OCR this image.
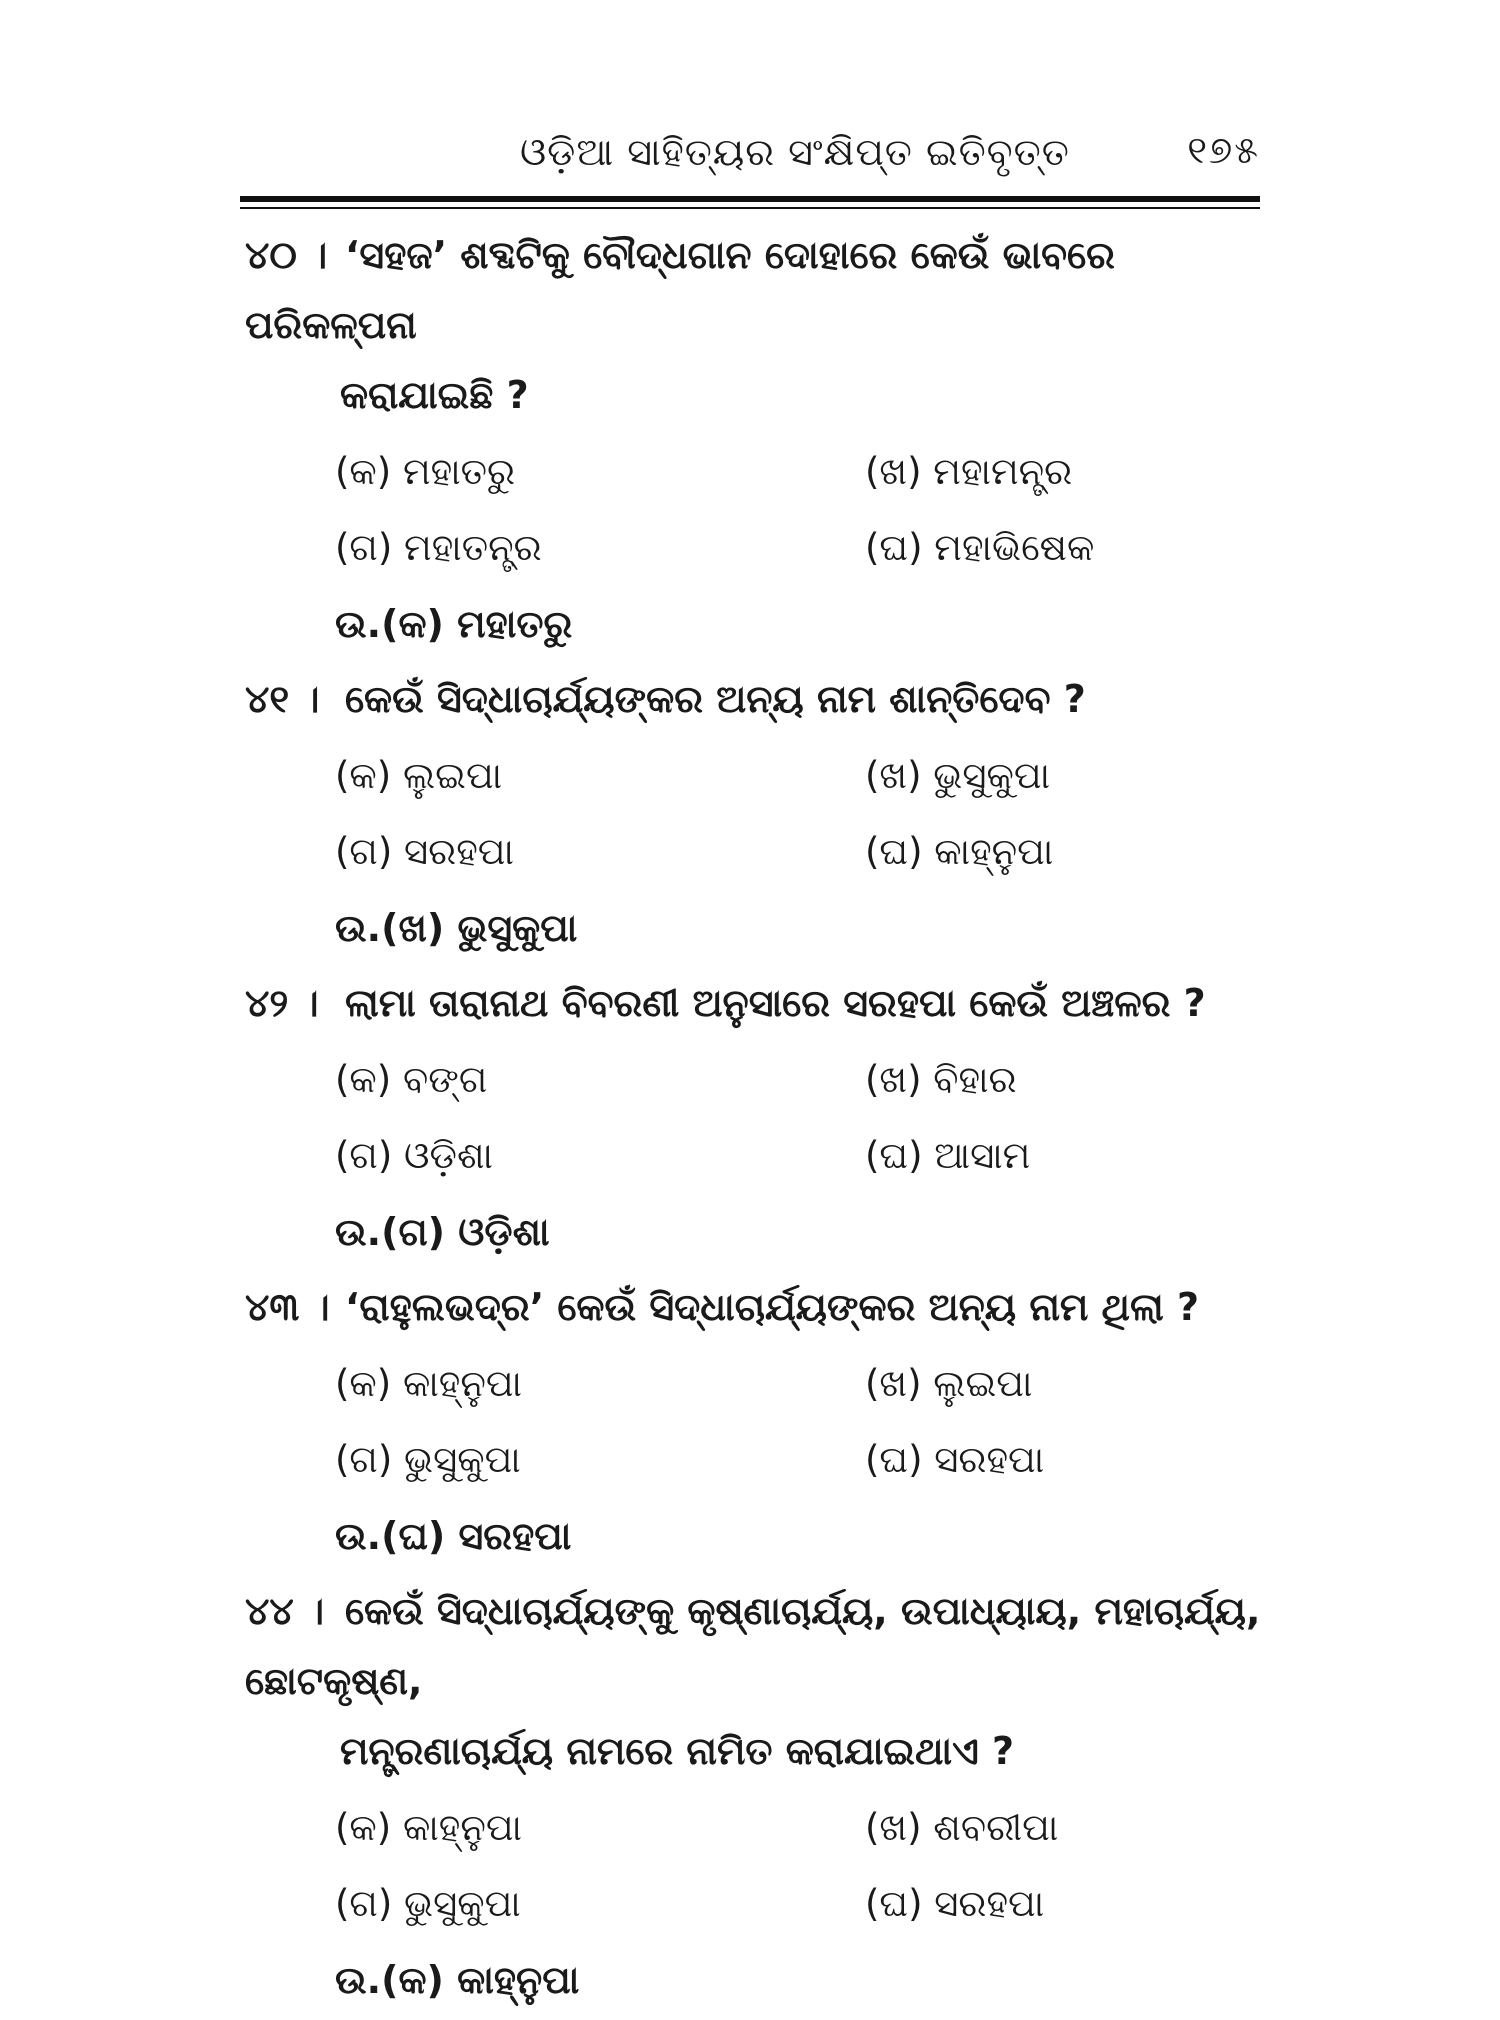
ଓଡ଼ିଆ ସାହିତ୍ୟର ସଂକ୍ଷିପ୍ତ ଇତିବୃତ୍ତ	୧୭୫

୪୦ । ‘ସହଜ’ ଶବ୍ଦଟିକୁ ବୌଦ୍ଧଗାନ ଦୋହାରେ କେଉଁ ଭାବରେ ପରିକଳ୍ପନା

କରାଯାଇଛି ?

(କ) ମହାତରୁ	(ଖ) ମହାମନ୍ତ୍ର
(ଗ) ମହାତନ୍ତ୍ର	(ଘ) ମହାଭିଷେକ
ଉ.(କ) ମହାତରୁ

୪୧ । କେଉଁ ସିଦ୍ଧାଚାର୍ଯ୍ୟଙ୍କର ଅନ୍ୟ ନାମ ଶାନ୍ତିଦେବ ?

(କ) ଲୁଇପା	(ଖ) ଭୁସୁକୁପା
(ଗ) ସରହପା	(ଘ) କାହ୍ନୁପା
ଉ.(ଖ) ଭୁସୁକୁପା

୪୨ । ଲାମା ତାରାନାଥ ବିବରଣୀ ଅନୁସାରେ ସରହପା କେଉଁ ଅଞ୍ଚଳର ?

(କ) ବଙ୍ଗ	(ଖ) ବିହାର
(ଗ) ଓଡ଼ିଶା	(ଘ) ଆସାମ
ଉ.(ଗ) ଓଡ଼ିଶା

୪୩ । ‘ରାହୁଲଭଦ୍ର’ କେଉଁ ସିଦ୍ଧାଚାର୍ଯ୍ୟଙ୍କର ଅନ୍ୟ ନାମ ଥିଲା ?

(କ) କାହ୍ନୁପା	(ଖ) ଲୁଇପା
(ଗ) ଭୁସୁକୁପା	(ଘ) ସରହପା
ଉ.(ଘ) ସରହପା

୪୪ । କେଉଁ ସିଦ୍ଧାଚାର୍ଯ୍ୟଙ୍କୁ କୃଷ୍ଣାଚାର୍ଯ୍ୟ, ଉପାଧ୍ୟାୟ, ମହାଚାର୍ଯ୍ୟ, ଛୋଟକୃଷ୍ଣ,

ମନ୍ତ୍ରଣାଚାର୍ଯ୍ୟ ନାମରେ ନାମିତ କରାଯାଇଥାଏ ?

(କ) କାହ୍ନୁପା	(ଖ) ଶବରୀପା
(ଗ) ଭୁସୁକୁପା	(ଘ) ସରହପା
ଉ.(କ) କାହ୍ନୁପା
